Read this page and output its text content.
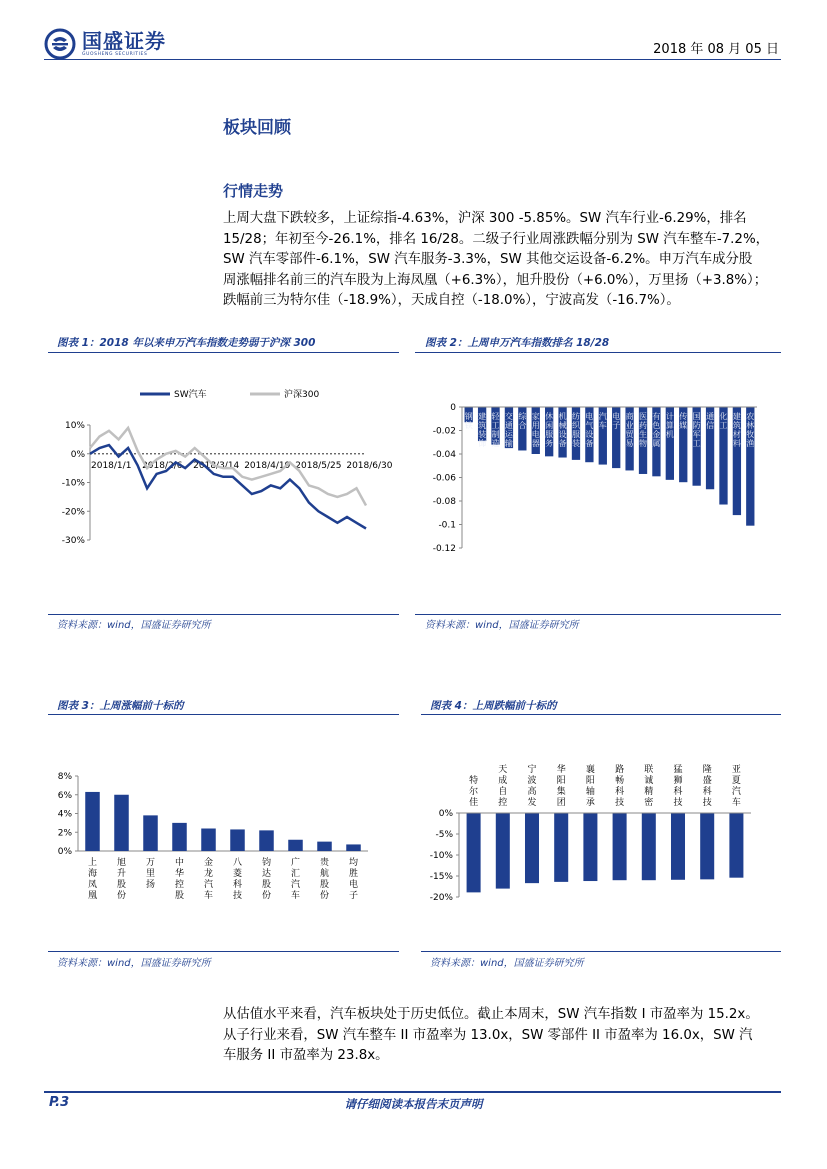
国盛证券
GUOSHENG SECURITIES	2018 年 08 月 05 日
板块回顾
行情走势
上周大盘下跌较多，上证综指-4.63%，沪深 300 -5.85%。SW 汽车行业-6.29%，排名
15/28；年初至今-26.1%，排名 16/28。二级子行业周涨跌幅分别为 SW 汽车整车-7.2%，
SW 汽车零部件-6.1%，SW 汽车服务-3.3%，SW 其他交运设备-6.2%。申万汽车成分股
周涨幅排名前三的汽车股为上海凤凰（+6.3%），旭升股份（+6.0%），万里扬（+3.8%）；
跌幅前三为特尔佳（-18.9%），天成自控（-18.0%），宁波高发（-16.7%）。
图表 1：2018 年以来申万汽车指数走势弱于沪深 300
SW汽车	沪深300
10%
0%
-10%
-20%
-30%
2018/1/1 2018/2/6 2018/3/14 2018/4/19 2018/5/25 2018/6/30
资料来源：wind，国盛证券研究所
图表 2：上周申万汽车指数排名 18/28
0
-0.02
-0.04
-0.06
-0.08
-0.1
-0.12
钢
铁
建
筑
装
饰
轻
工
制
造
交
通
运
输
综
合
家
用
电
器
休
闲
服
务
机
械
设
备
纺
织
服
装
电
气
设
备
汽
车
电
子
商
业
贸
易
医
药
生
物
有
色
金
属
计
算
机
传
媒
国
防
军
工
通
信
化
工
建
筑
材
料
农
林
牧
渔
资料来源：wind，国盛证券研究所
图表 3：上周涨幅前十标的
8%
6%
4%
2%
0%
上
海
凤
凰
旭
升
股
份
万
里
扬
中
华
控
股
金
龙
汽
车
八
菱
科
技
钧
达
股
份
广
汇
汽
车
贵
航
股
份
均
胜
电
子
资料来源：wind，国盛证券研究所
图表 4：上周跌幅前十标的
0%
-5%
-10%
-15%
-20%
特
尔
佳
天
成
自
控
宁
波
高
发
华
阳
集
团
襄
阳
轴
承
路
畅
科
技
联
诚
精
密
猛
狮
科
技
隆
盛
科
技
亚
夏
汽
车
资料来源：wind，国盛证券研究所
从估值水平来看，汽车板块处于历史低位。截止本周末，SW 汽车指数 I 市盈率为 15.2x。
从子行业来看，SW 汽车整车 II 市盈率为 13.0x，SW 零部件 II 市盈率为 16.0x，SW 汽
车服务 II 市盈率为 23.8x。
P.3	请仔细阅读本报告末页声明
